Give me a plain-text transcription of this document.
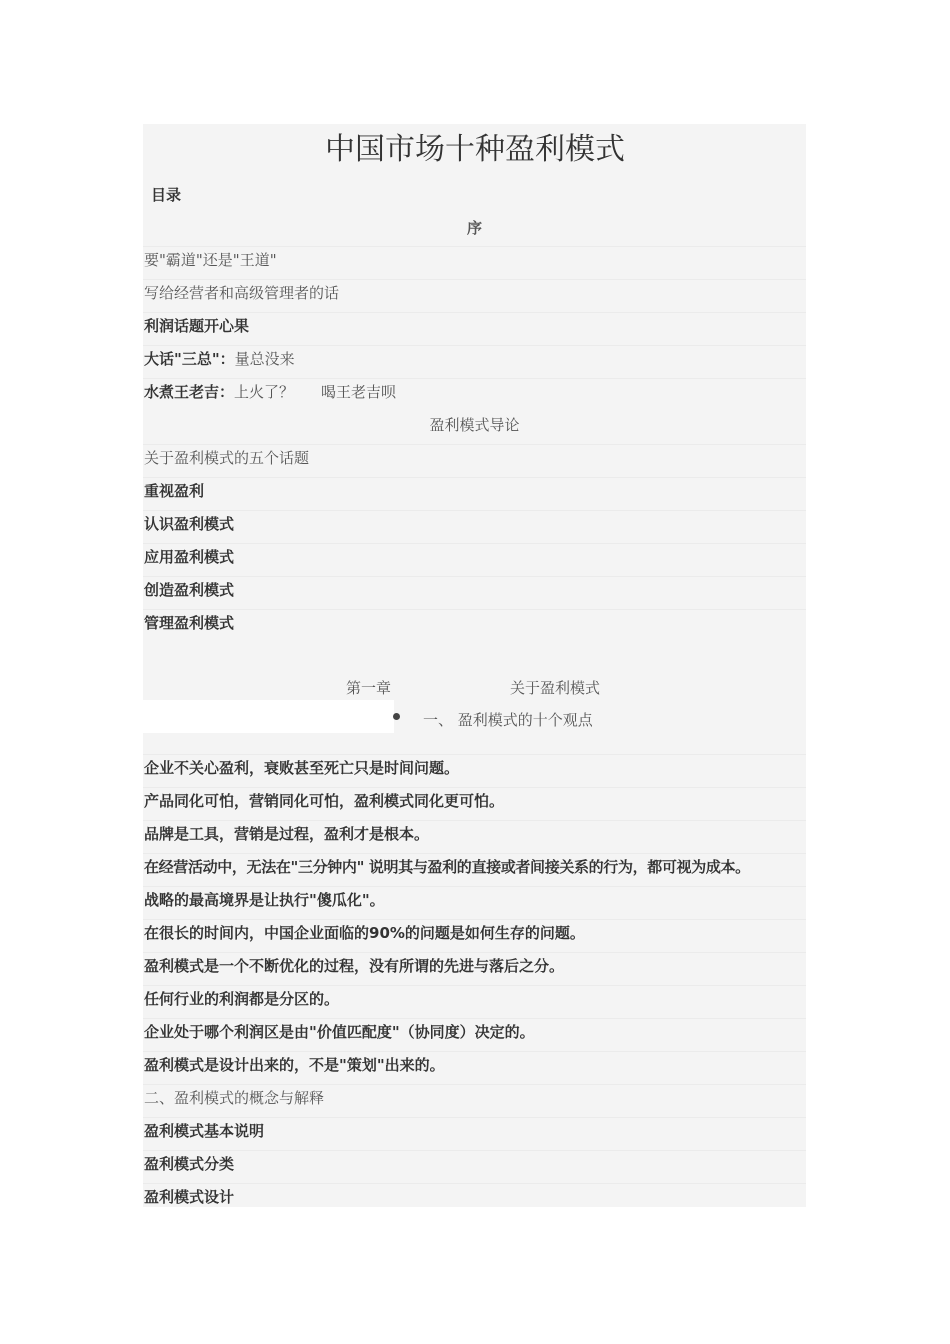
中国市场十种盈利模式
目录
序
要"霸道"还是"王道"
写给经营者和高级管理者的话
利润话题开心果
大话"三总"：量总没来
水煮王老吉：上火了？ 喝王老吉呗
盈利模式导论
关于盈利模式的五个话题
重视盈利
认识盈利模式
应用盈利模式
创造盈利模式
管理盈利模式
第一章	关于盈利模式
一、 盈利模式的十个观点
企业不关心盈利，衰败甚至死亡只是时间问题。
产品同化可怕，营销同化可怕，盈利模式同化更可怕。
品牌是工具，营销是过程，盈利才是根本。
在经营活动中，无法在"三分钟内" 说明其与盈利的直接或者间接关系的行为，都可视为成本。
战略的最高境界是让执行"傻瓜化"。
在很长的时间内，中国企业面临的90%的问题是如何生存的问题。
盈利模式是一个不断优化的过程，没有所谓的先进与落后之分。
任何行业的利润都是分区的。
企业处于哪个利润区是由"价值匹配度"（协同度）决定的。
盈利模式是设计出来的，不是"策划"出来的。
二、盈利模式的概念与解释
盈利模式基本说明
盈利模式分类
盈利模式设计
